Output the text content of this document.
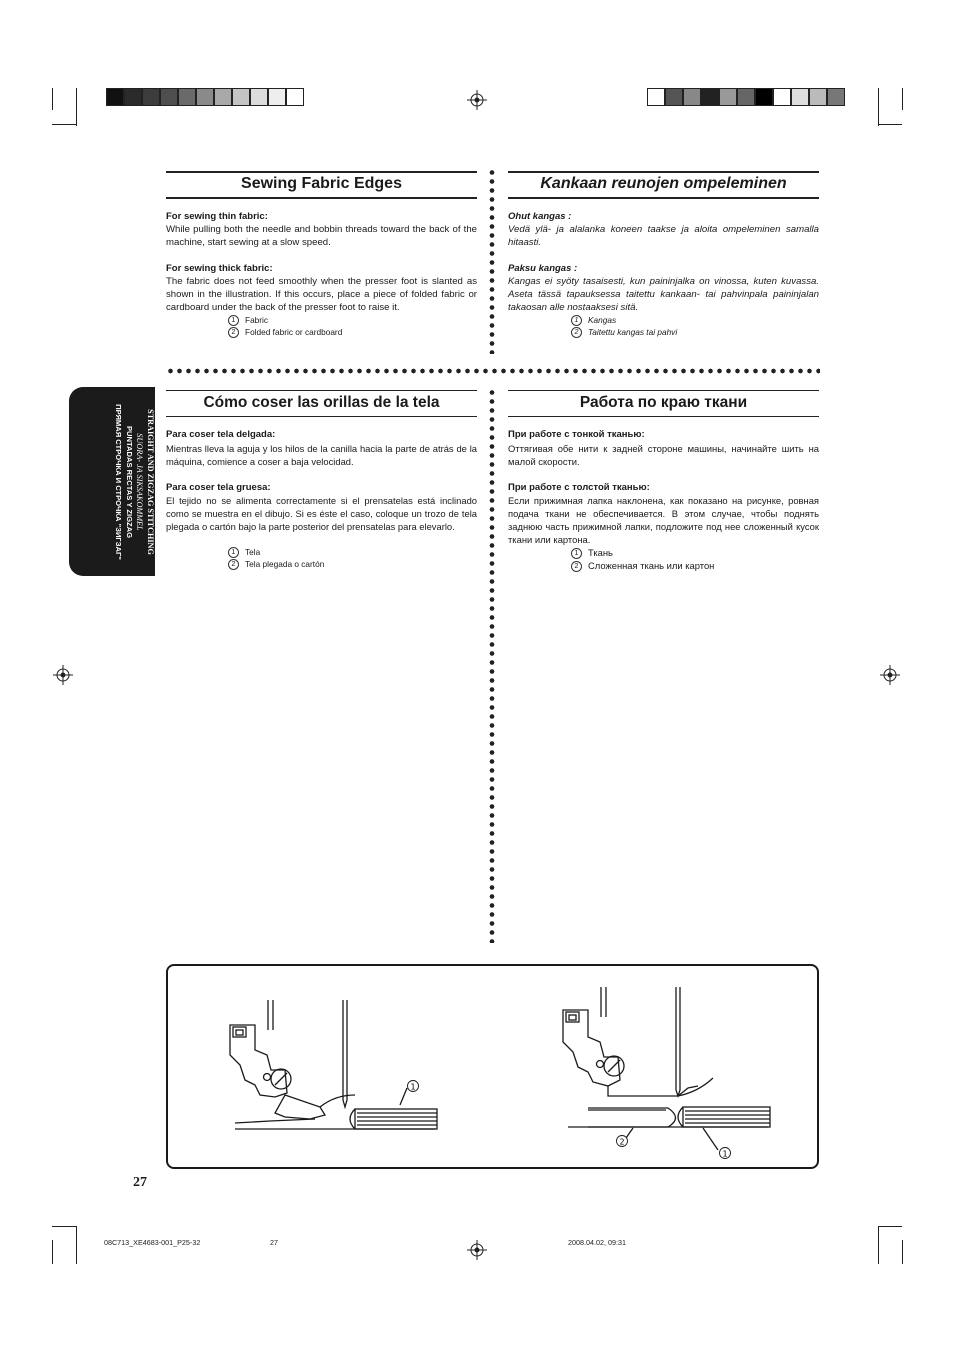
Sewing Fabric Edges
For sewing thin fabric:
While pulling both the needle and bobbin threads toward the back of the machine, start sewing at a slow speed.
For sewing thick fabric:
The fabric does not feed smoothly when the presser foot is slanted as shown in the illustration. If this occurs, place a piece of folded fabric or cardboard under the back of the presser foot to raise it.
1 Fabric
2 Folded fabric or cardboard
Kankaan reunojen ompeleminen
Ohut kangas :
Vedä ylä- ja alalanka koneen taakse ja aloita ompeleminen samalla hitaasti.
Paksu kangas :
Kangas ei syöty tasaisesti, kun paininjalka on vinossa, kuten kuvassa. Aseta tässä tapauksessa taitettu kankaan- tai pahvinpala paininjalan takaosan alle nostaaksesi sitä.
1 Kangas
2 Taitettu kangas tai pahvi
STRAIGHT AND ZIGZAG STITCHING
SUORA- JA SIKSAKOMMEL
PUNTADAS RECTAS Y ZIGZAG
ПРЯМАЯ СТРОЧКА И СТРОЧКА "ЗИГЗАГ"
Cómo coser las orillas de la tela
Para coser tela delgada:
Mientras lleva la aguja y los hilos de la canilla hacia la parte de atrás de la máquina, comience a coser a baja velocidad.
Para coser tela gruesa:
El tejido no se alimenta correctamente si el prensatelas está inclinado como se muestra en el dibujo. Si es éste el caso, coloque un trozo de tela plegada o cartón bajo la parte posterior del prensatelas para elevarlo.
1 Tela
2 Tela plegada o cartón
Работа по краю ткани
При работе с тонкой тканью:
Оттягивая обе нити к задней стороне машины, начинайте шить на малой скорости.
При работе с толстой тканью:
Если прижимная лапка наклонена, как показано на рисунке, ровная подача ткани не обеспечивается. В этом случае, чтобы поднять заднюю часть прижимной лапки, подложите под нее сложенный кусок ткани или картона.
1 Ткань
2 Сложенная ткань или картон
1
2
1
27
08C713_XE4683-001_P25-32	27	2008.04.02, 09:31
